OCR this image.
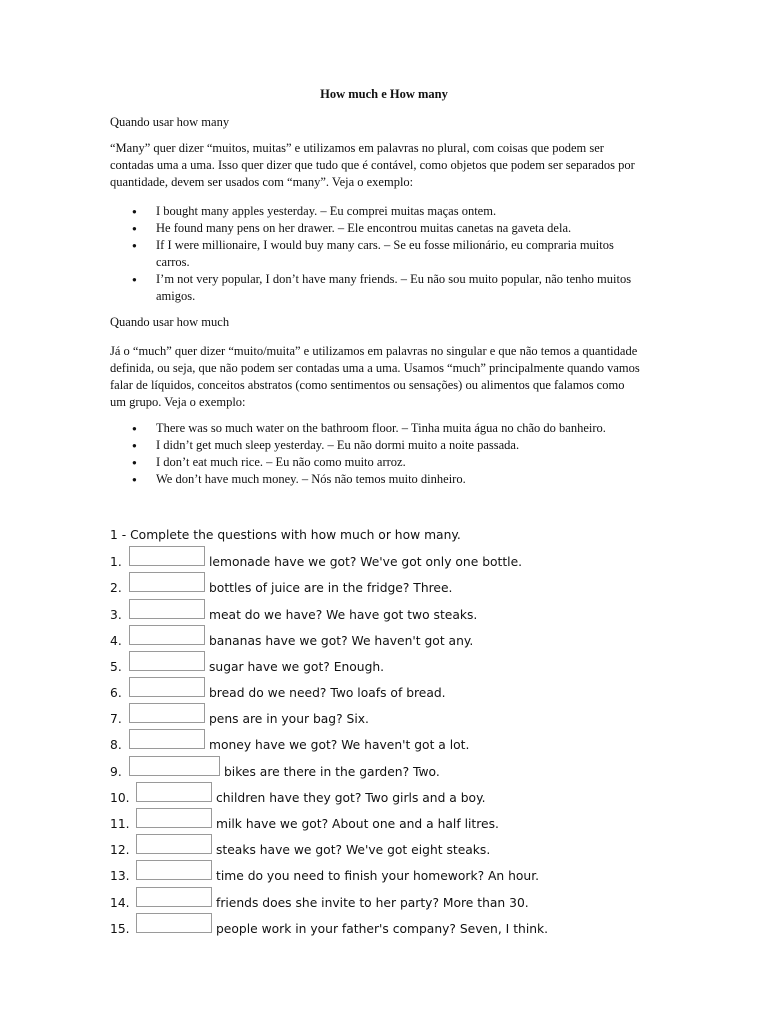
How much e How many
Quando usar how many
“Many” quer dizer “muitos, muitas” e utilizamos em palavras no plural, com coisas que podem ser
contadas uma a uma. Isso quer dizer que tudo que é contável, como objetos que podem ser separados por
quantidade, devem ser usados com “many”. Veja o exemplo:
● I bought many apples yesterday. – Eu comprei muitas maças ontem.
● He found many pens on her drawer. – Ele encontrou muitas canetas na gaveta dela.
● If I were millionaire, I would buy many cars. – Se eu fosse milionário, eu compraria muitos
carros.
● I’m not very popular, I don’t have many friends. – Eu não sou muito popular, não tenho muitos
amigos.
Quando usar how much
Já o “much” quer dizer “muito/muita” e utilizamos em palavras no singular e que não temos a quantidade
definida, ou seja, que não podem ser contadas uma a uma. Usamos “much” principalmente quando vamos
falar de líquidos, conceitos abstratos (como sentimentos ou sensações) ou alimentos que falamos como
um grupo. Veja o exemplo:
● There was so much water on the bathroom floor. – Tinha muita água no chão do banheiro.
● I didn’t get much sleep yesterday. – Eu não dormi muito a noite passada.
● I don’t eat much rice. – Eu não como muito arroz.
● We don’t have much money. – Nós não temos muito dinheiro.
1 - Complete the questions with how much or how many.
1.	lemonade have we got? We've got only one bottle.
2.	bottles of juice are in the fridge? Three.
3.	meat do we have? We have got two steaks.
4.	bananas have we got? We haven't got any.
5.	sugar have we got? Enough.
6.	bread do we need? Two loafs of bread.
7.	pens are in your bag? Six.
8.	money have we got? We haven't got a lot.
9.	bikes are there in the garden? Two.
10.	children have they got? Two girls and a boy.
11.	milk have we got? About one and a half litres.
12.	steaks have we got? We've got eight steaks.
13.	time do you need to finish your homework? An hour.
14.	friends does she invite to her party? More than 30.
15.	people work in your father's company? Seven, I think.
